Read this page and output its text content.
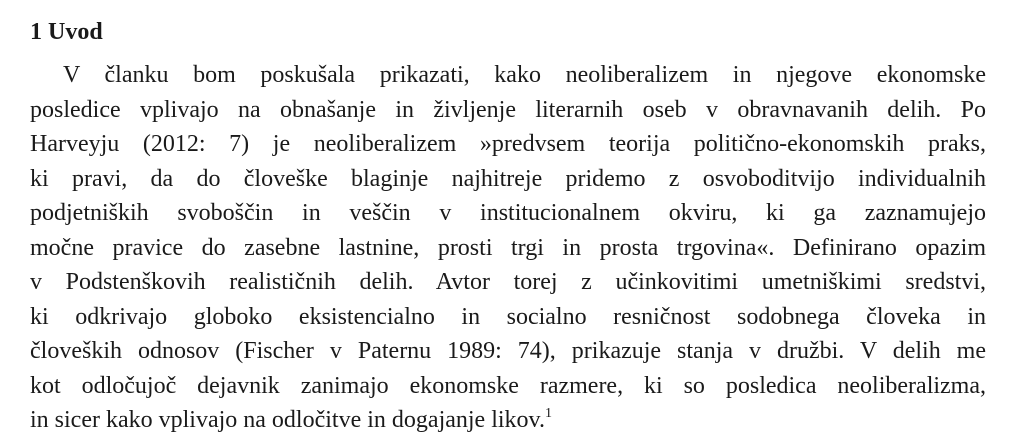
1 Uvod
V članku bom poskušala prikazati, kako neoliberalizem in njegove ekonomske
posledice vplivajo na obnašanje in življenje literarnih oseb v obravnavanih delih. Po
Harveyju (2012: 7) je neoliberalizem »predvsem teorija politično-ekonomskih praks,
ki pravi, da do človeške blaginje najhitreje pridemo z osvoboditvijo individualnih
podjetniških svoboščin in veščin v institucionalnem okviru, ki ga zaznamujejo
močne pravice do zasebne lastnine, prosti trgi in prosta trgovina«. Definirano opazim
v Podstenškovih realističnih delih. Avtor torej z učinkovitimi umetniškimi sredstvi,
ki odkrivajo globoko eksistencialno in socialno resničnost sodobnega človeka in
človeških odnosov (Fischer v Paternu 1989: 74), prikazuje stanja v družbi. V delih me
kot odločujoč dejavnik zanimajo ekonomske razmere, ki so posledica neoliberalizma,
in sicer kako vplivajo na odločitve in dogajanje likov.$^1$
